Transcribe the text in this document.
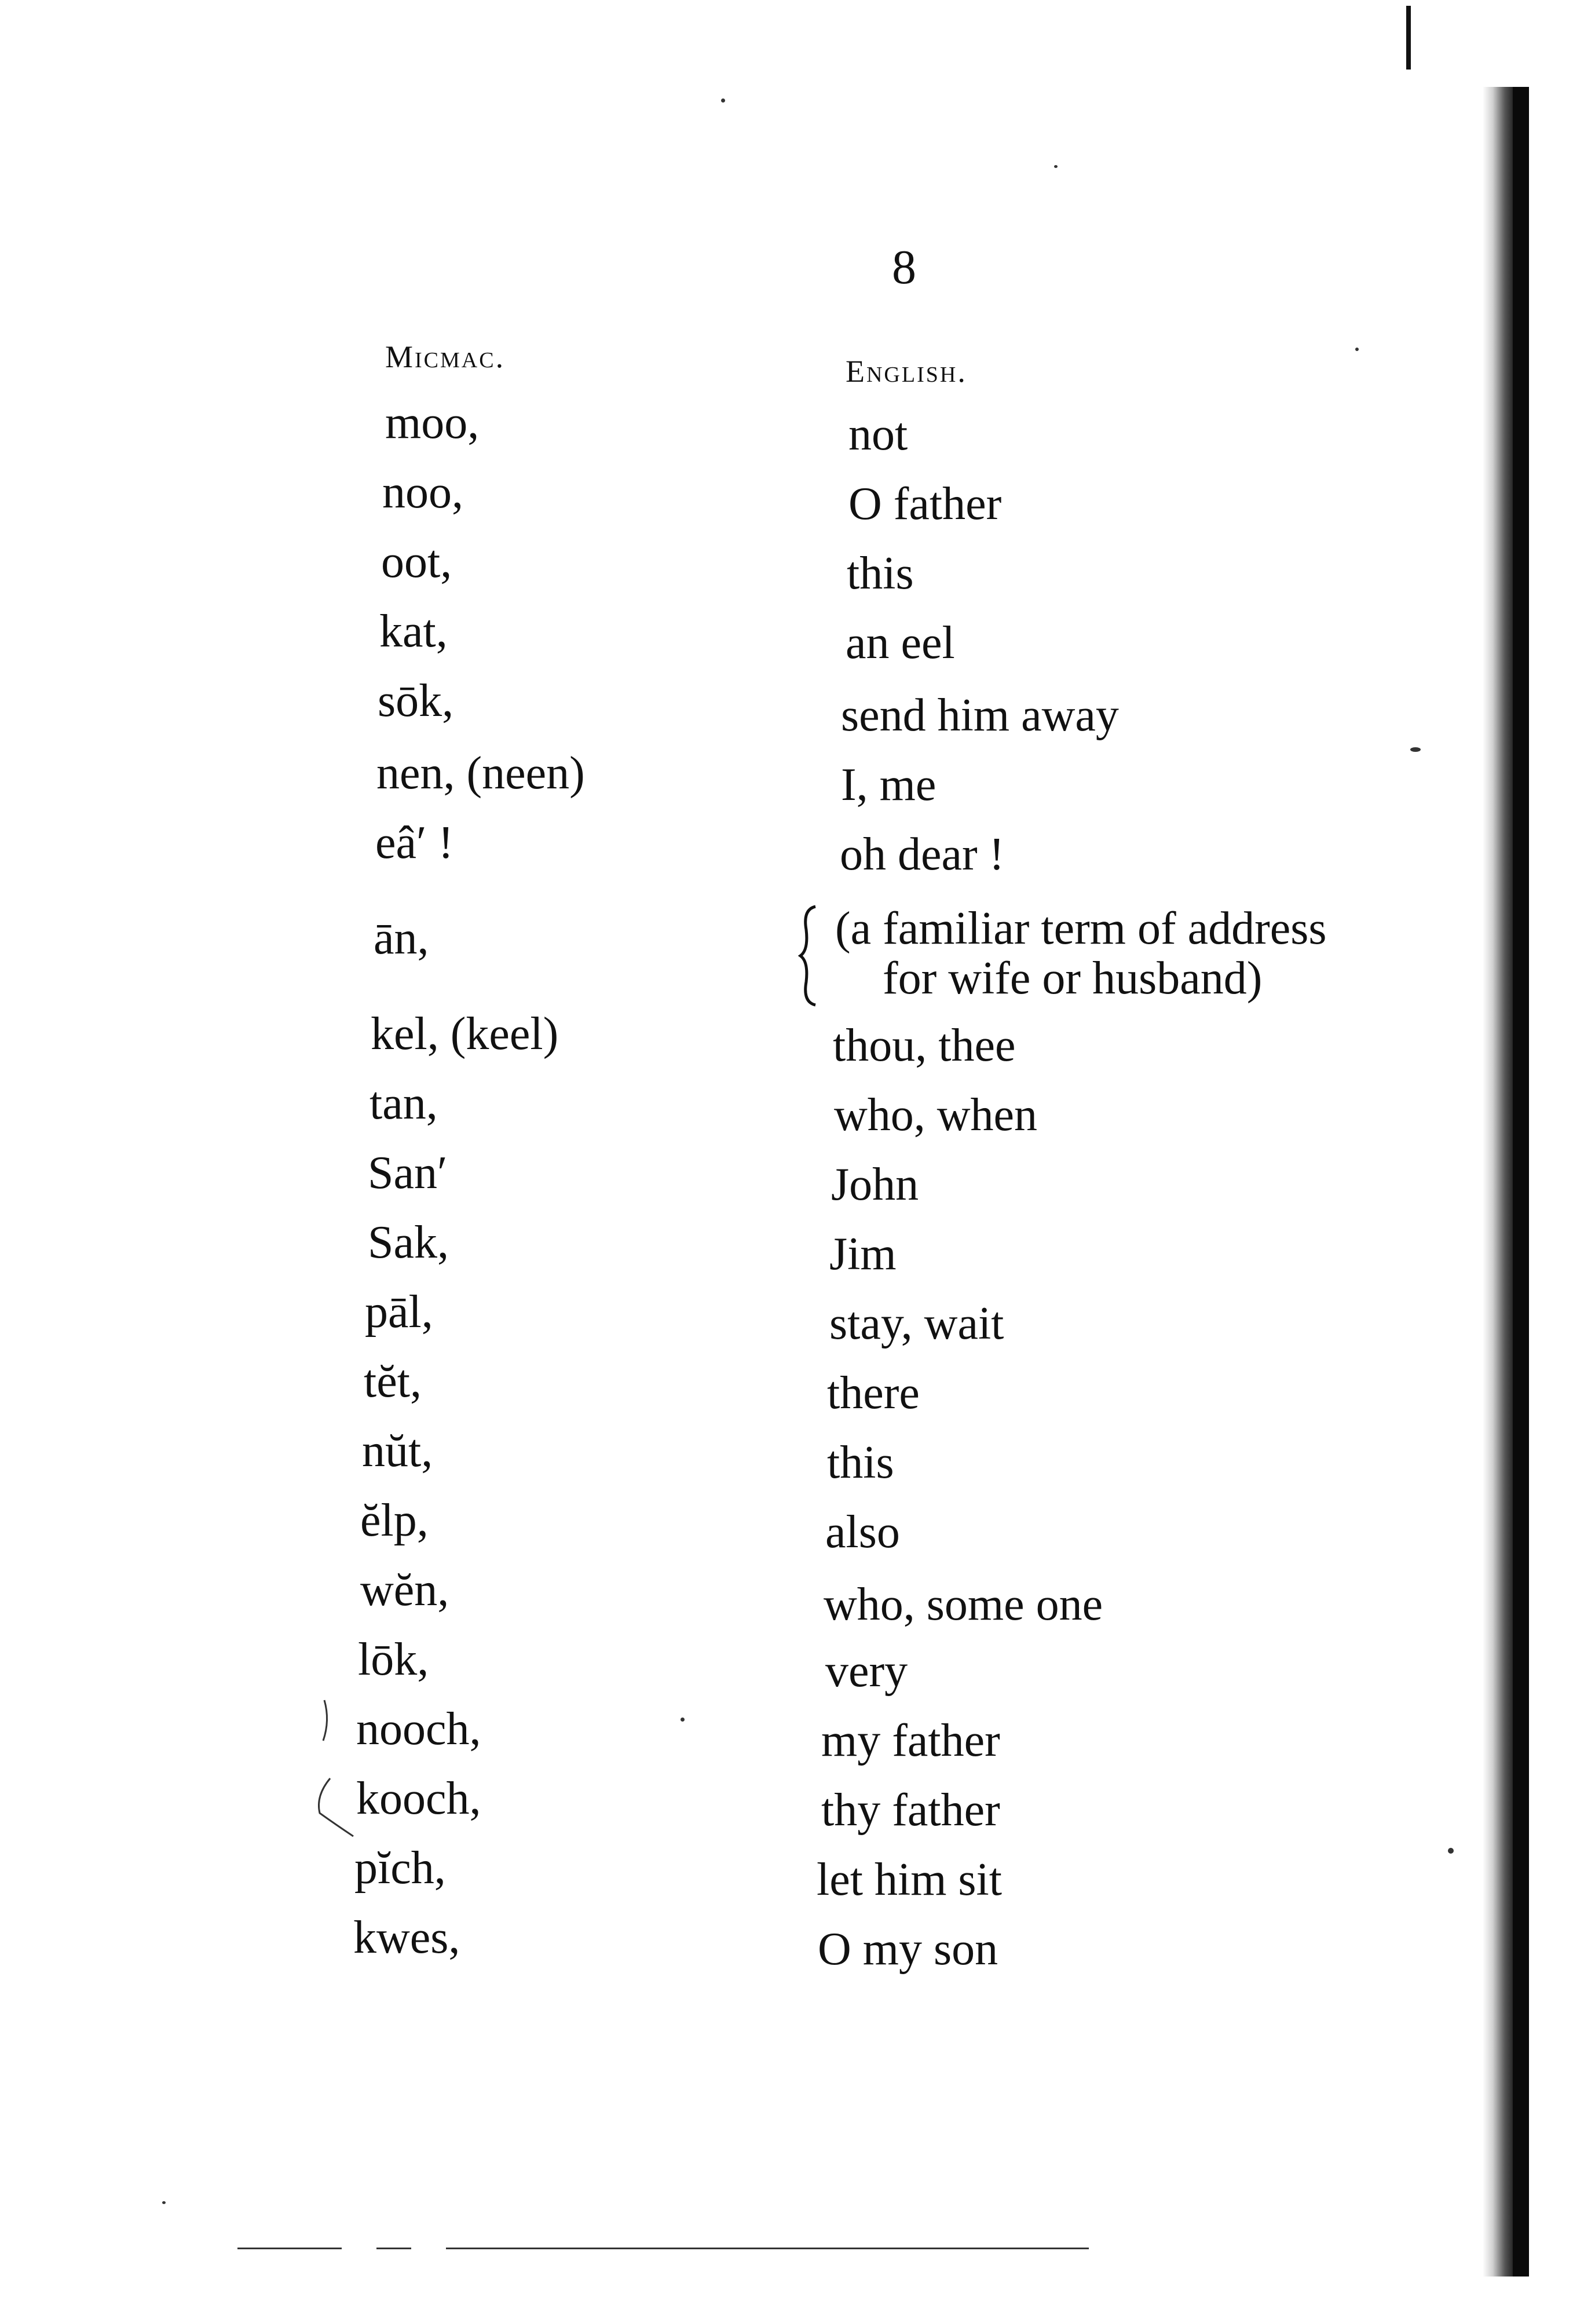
8
Micmac.	English.
moo,	not
noo,	O father
oot,	this
kat,	an eel
sōk,	send him away
nen, (neen)	I, me
eâ′ !	oh dear !
ān,	(a familiar term of address
for wife or husband)
kel, (keel)	thou, thee
tan,	who, when
San′	John
Sak,	Jim
pāl,	stay, wait
tĕt,	there
nŭt,	this
ĕlp,	also
wĕn,	who, some one
lōk,	very
nooch,	my father
kooch,	thy father
pĭch,	let him sit
kwes,	O my son
